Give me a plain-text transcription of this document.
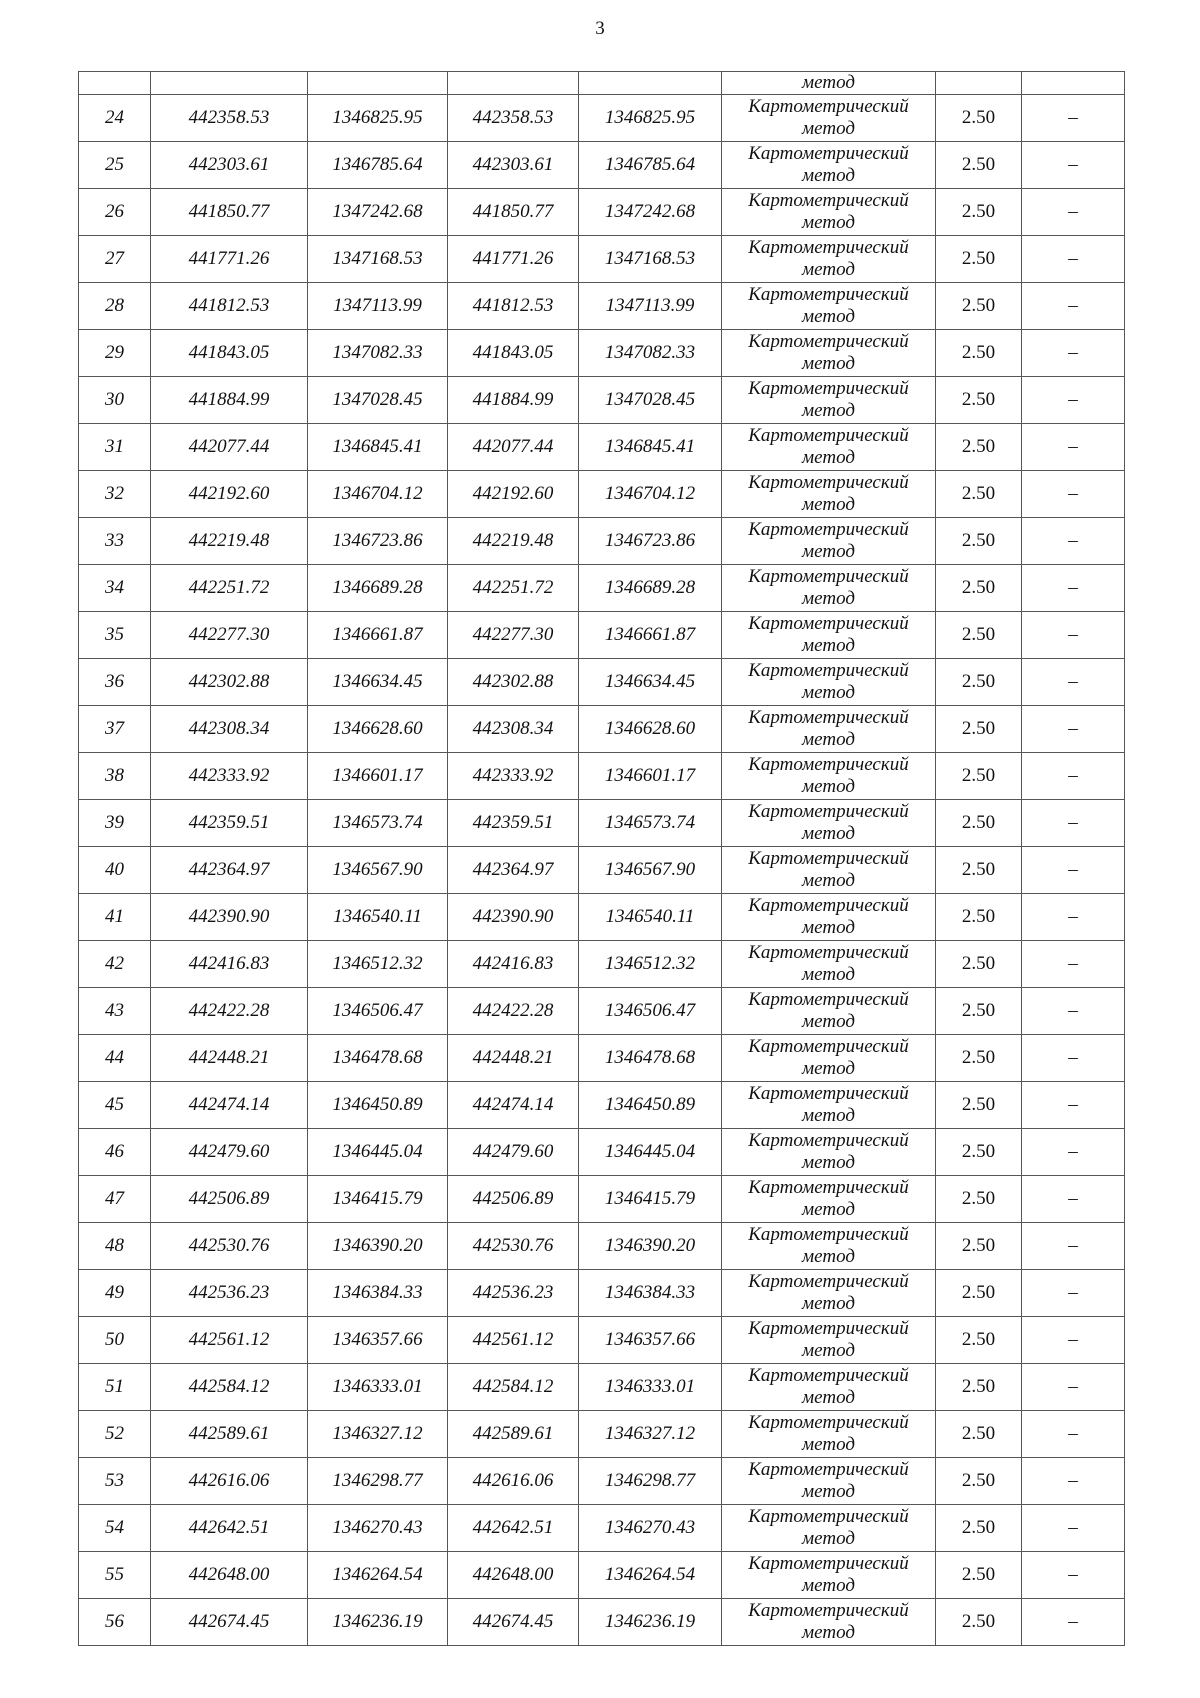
3
					метод		
24	442358.53	1346825.95	442358.53	1346825.95	Картометрический
метод	2.50	–
25	442303.61	1346785.64	442303.61	1346785.64	Картометрический
метод	2.50	–
26	441850.77	1347242.68	441850.77	1347242.68	Картометрический
метод	2.50	–
27	441771.26	1347168.53	441771.26	1347168.53	Картометрический
метод	2.50	–
28	441812.53	1347113.99	441812.53	1347113.99	Картометрический
метод	2.50	–
29	441843.05	1347082.33	441843.05	1347082.33	Картометрический
метод	2.50	–
30	441884.99	1347028.45	441884.99	1347028.45	Картометрический
метод	2.50	–
31	442077.44	1346845.41	442077.44	1346845.41	Картометрический
метод	2.50	–
32	442192.60	1346704.12	442192.60	1346704.12	Картометрический
метод	2.50	–
33	442219.48	1346723.86	442219.48	1346723.86	Картометрический
метод	2.50	–
34	442251.72	1346689.28	442251.72	1346689.28	Картометрический
метод	2.50	–
35	442277.30	1346661.87	442277.30	1346661.87	Картометрический
метод	2.50	–
36	442302.88	1346634.45	442302.88	1346634.45	Картометрический
метод	2.50	–
37	442308.34	1346628.60	442308.34	1346628.60	Картометрический
метод	2.50	–
38	442333.92	1346601.17	442333.92	1346601.17	Картометрический
метод	2.50	–
39	442359.51	1346573.74	442359.51	1346573.74	Картометрический
метод	2.50	–
40	442364.97	1346567.90	442364.97	1346567.90	Картометрический
метод	2.50	–
41	442390.90	1346540.11	442390.90	1346540.11	Картометрический
метод	2.50	–
42	442416.83	1346512.32	442416.83	1346512.32	Картометрический
метод	2.50	–
43	442422.28	1346506.47	442422.28	1346506.47	Картометрический
метод	2.50	–
44	442448.21	1346478.68	442448.21	1346478.68	Картометрический
метод	2.50	–
45	442474.14	1346450.89	442474.14	1346450.89	Картометрический
метод	2.50	–
46	442479.60	1346445.04	442479.60	1346445.04	Картометрический
метод	2.50	–
47	442506.89	1346415.79	442506.89	1346415.79	Картометрический
метод	2.50	–
48	442530.76	1346390.20	442530.76	1346390.20	Картометрический
метод	2.50	–
49	442536.23	1346384.33	442536.23	1346384.33	Картометрический
метод	2.50	–
50	442561.12	1346357.66	442561.12	1346357.66	Картометрический
метод	2.50	–
51	442584.12	1346333.01	442584.12	1346333.01	Картометрический
метод	2.50	–
52	442589.61	1346327.12	442589.61	1346327.12	Картометрический
метод	2.50	–
53	442616.06	1346298.77	442616.06	1346298.77	Картометрический
метод	2.50	–
54	442642.51	1346270.43	442642.51	1346270.43	Картометрический
метод	2.50	–
55	442648.00	1346264.54	442648.00	1346264.54	Картометрический
метод	2.50	–
56	442674.45	1346236.19	442674.45	1346236.19	Картометрический
метод	2.50	–
